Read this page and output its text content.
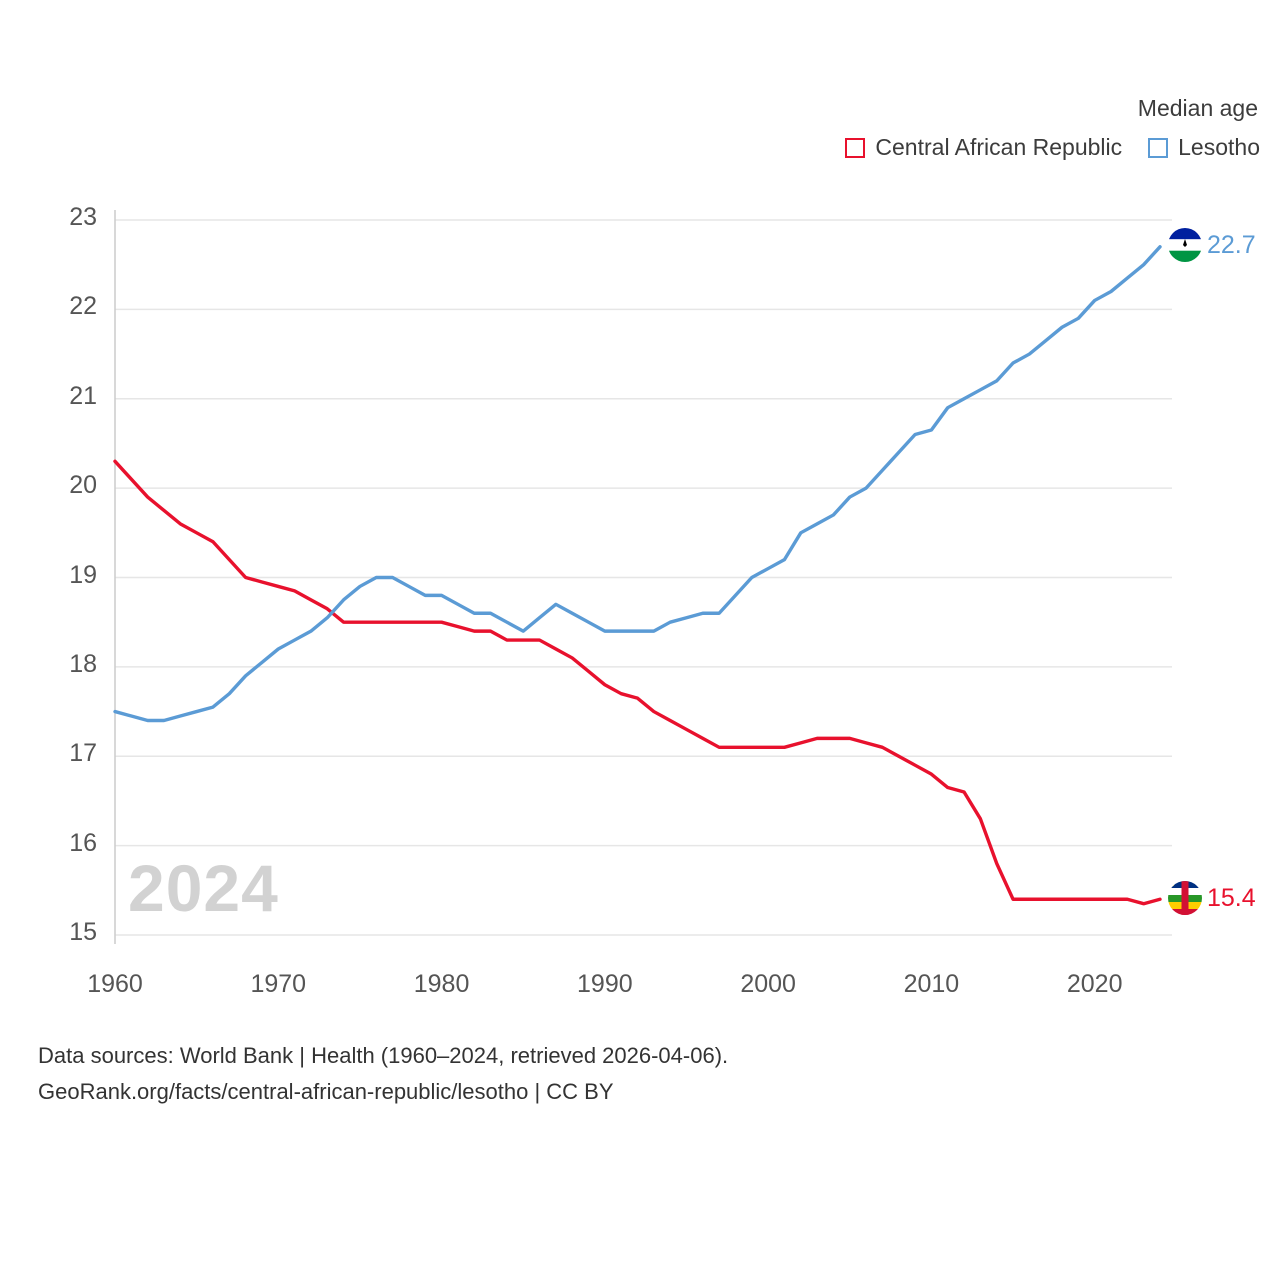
Median age
Central African Republic Lesotho
2024
15
16
17
18
19
20
21
22
23
1960	1970	1980	1990	2000	2010	2020
22.7
15.4
Data sources: World Bank | Health (1960–2024, retrieved 2026-04-06).
GeoRank.org/facts/central-african-republic/lesotho | CC BY
